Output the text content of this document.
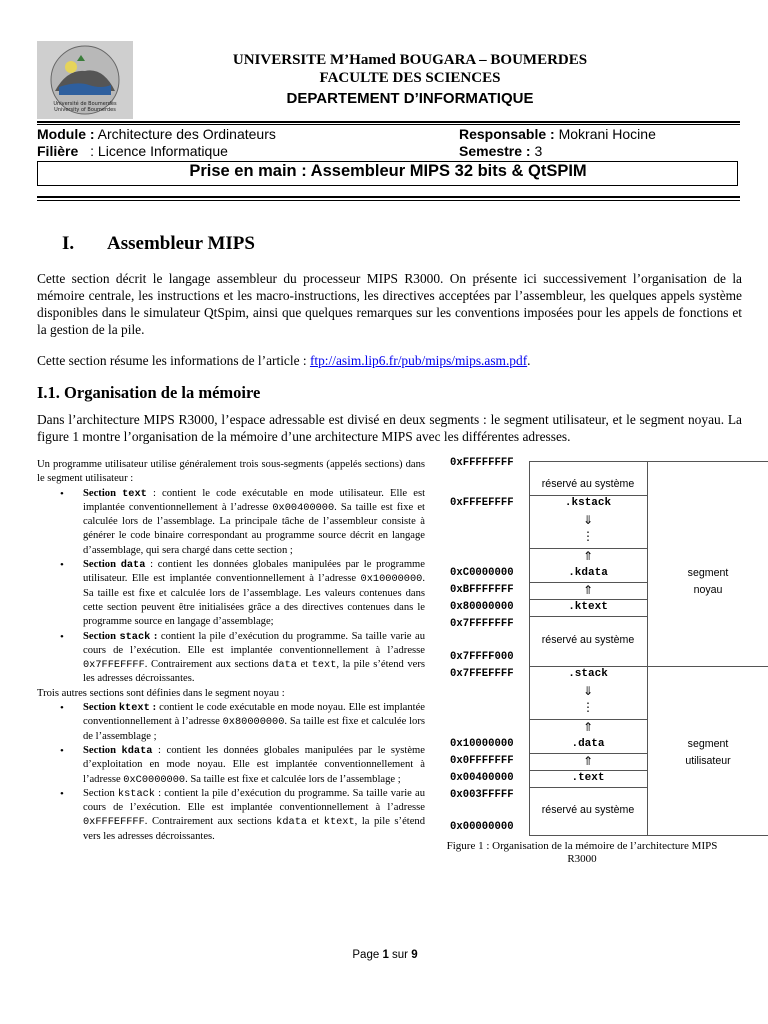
Université de Boumerdès
University of Boumerdes
UNIVERSITE M’Hamed BOUGARA – BOUMERDES
FACULTE DES SCIENCES
DEPARTEMENT D’INFORMATIQUE
Module : Architecture des Ordinateurs
Filière : Licence Informatique
Responsable : Mokrani Hocine
Semestre : 3
Prise en main : Assembleur MIPS 32 bits & QtSPIM
I. Assembleur MIPS
Cette section décrit le langage assembleur du processeur MIPS R3000. On présente ici successivement l’organisation de la mémoire centrale, les instructions et les macro-instructions, les directives acceptées par l’assembleur, les quelques appels système disponibles dans le simulateur QtSpim, ainsi que quelques remarques sur les conventions imposées pour les appels de fonctions et la gestion de la pile.
Cette section résume les informations de l’article : ftp://asim.lip6.fr/pub/mips/mips.asm.pdf.
I.1. Organisation de la mémoire
Dans l’architecture MIPS R3000, l’espace adressable est divisé en deux segments : le segment utilisateur, et le segment noyau. La figure 1 montre l’organisation de la mémoire d’une architecture MIPS avec les différentes adresses.

Un programme utilisateur utilise généralement trois sous-segments (appelés sections) dans le segment utilisateur :

• Section text : contient le code exécutable en mode utilisateur. Elle est implantée conventionnellement à l’adresse 0x00400000. Sa taille est fixe et calculée lors de l’assemblage. La principale tâche de l’assembleur consiste à générer le code binaire correspondant au programme source décrit en langage d’assemblage, qui sera chargé dans cette section ;
• Section data : contient les données globales manipulées par le programme utilisateur. Elle est implantée conventionnellement à l’adresse 0x10000000. Sa taille est fixe et calculée lors de l’assemblage. Les valeurs contenues dans cette section peuvent être initialisées grâce a des directives contenues dans le programme source en langage d’assemblage;
• Section stack : contient la pile d’exécution du programme. Sa taille varie au cours de l’exécution. Elle est implantée conventionnellement à l’adresse 0x7FFEFFFF. Contrairement aux sections data et text, la pile s’étend vers les adresses décroissantes.

Trois autres sections sont définies dans le segment noyau :

• Section ktext : contient le code exécutable en mode noyau. Elle est implantée conventionnellement à l’adresse 0x80000000. Sa taille est fixe et calculée lors de l’assemblage ;
• Section kdata : contient les données globales manipulées par le système d’exploitation en mode noyau. Elle est implantée conventionnellement à l’adresse 0xC0000000. Sa taille est fixe et calculée lors de l’assemblage ;
• Section kstack : contient la pile d’exécution du programme. Sa taille varie au cours de l’exécution. Elle est implantée conventionnellement à l’adresse 0xFFFEFFFF. Contrairement aux sections kdata et ktext, la pile s’étend vers les adresses décroissantes.
0xFFFFFFFF
0xFFFEFFFF
0xC0000000
0xBFFFFFFF
0x80000000
0x7FFFFFFF
0x7FFFF000
0x7FFEFFFF
0x10000000
0x0FFFFFFF
0x00400000
0x003FFFFF
0x00000000
réservé au système
.kstack
⇓
⋮
⇑
.kdata
⇑
.ktext
réservé au système
segment
noyau
.stack
⇓
⋮
⇑
.data
⇑
.text
réservé au système
segment
utilisateur
Figure 1 : Organisation de la mémoire de l’architecture MIPS R3000
Page 1 sur 9
